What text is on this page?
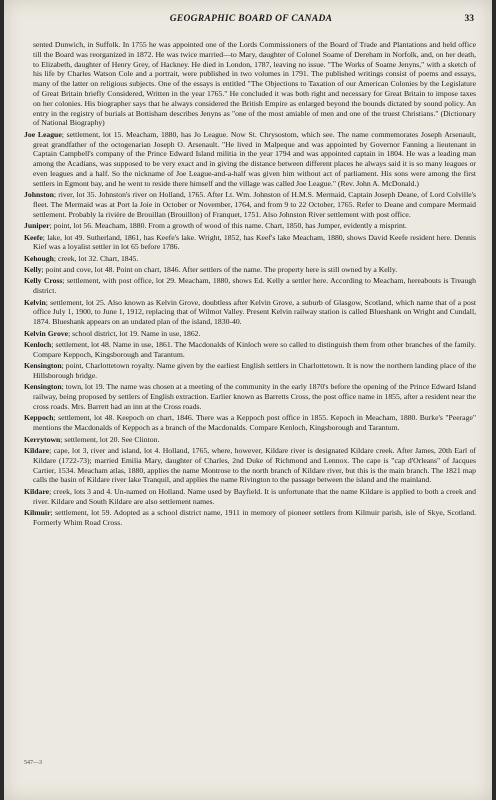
GEOGRAPHIC BOARD OF CANADA	33

sented Dunwich, in Suffolk. In 1755 he was appointed one of the Lords Commissioners of the Board of Trade and Plantations and held office till the Board was reorganized in 1872. He was twice married—to Mary, daughter of Colonel Soame of Dereham in Norfolk, and, on her death, to Elizabeth, daughter of Henry Grey, of Hackney. He died in London, 1787, leaving no issue. "The Works of Soame Jenyns," with a sketch of his life by Charles Watson Cole and a portrait, were published in two volumes in 1791. The published writings consist of poems and essays, many of the latter on religious subjects. One of the essays is entitled "The Objections to Taxation of our American Colonies by the Legislature of Great Britain briefly Considered, Written in the year 1765." He concluded it was both right and necessary for Great Britain to impose taxes on her colonies. His biographer says that he always considered the British Empire as enlarged beyond the bounds dictated by sound policy. An entry in the registry of burials at Bottisham describes Jenyns as "one of the most amiable of men and one of the truest Christians." (Dictionary of National Biography)

Joe League; settlement, lot 15. Meacham, 1880, has Jo League. Now St. Chrysostom, which see. The name commemorates Joseph Arsenault, great grandfather of the octogenarian Joseph O. Arsenault. "He lived in Malpeque and was appointed by Governor Fanning a lieutenant in Captain Campbell's company of the Prince Edward Island militia in the year 1794 and was appointed captain in 1804. He was a leading man among the Acadians, was supposed to be very exact and in giving the distance between different places he always said it is so many leagues or even leagues and a half. So the nickname of Joe League-and-a-half was given him without act of parliament. His sons were among the first settlers in Egmont bay, and he went to reside there himself and the village was called Joe League." (Rev. John A. McDonald.)

Johnston; river, lot 35. Johnston's river on Holland, 1765. After Lt. Wm. Johnston of H.M.S. Mermaid, Captain Joseph Deane, of Lord Colville's fleet. The Mermaid was at Port la Joie in October or November, 1764, and from 9 to 22 October, 1765. Refer to Deane and compare Mermaid settlement. Probably la rivière de Brouillan (Brouillon) of Franquet, 1751. Also Johnston River settlement with post office.

Juniper; point, lot 56. Meacham, 1880. From a growth of wood of this name. Chart, 1850, has Jumper, evidently a misprint.

Keefe; lake, lot 49. Sutherland, 1861, has Keefe's lake. Wright, 1852, has Keef's lake Meacham, 1880, shows David Keefe resident here. Dennis Kief was a loyalist settler in lot 65 before 1786.

Kehough; creek, lot 32. Chart, 1845.

Kelly; point and cove, lot 48. Point on chart, 1846. After settlers of the name. The property here is still owned by a Kelly.

Kelly Cross; settlement, with post office, lot 29. Meacham, 1880, shows Ed. Kelly a settler here. According to Meacham, hereabouts is Treaugh district.

Kelvin; settlement, lot 25. Also known as Kelvin Grove, doubtless after Kelvin Grove, a suburb of Glasgow, Scotland, which name that of a post office July 1, 1900, to June 1, 1912, replacing that of Wilmot Valley. Present Kelvin railway station is called Blueshank on Wright and Cundall, 1874. Blueshank appears on an undated plan of the island, 1830-40.

Kelvin Grove; school district, lot 19. Name in use, 1862.

Kenloch; settlement, lot 48. Name in use, 1861. The Macdonalds of Kinloch were so called to distinguish them from other branches of the family. Compare Keppoch, Kingsborough and Tarantum.

Kensington; point, Charlottetown royalty. Name given by the earliest English settlers in Charlottetown. It is now the northern landing place of the Hillsborough bridge.

Kensington; town, lot 19. The name was chosen at a meeting of the community in the early 1870's before the opening of the Prince Edward Island railway, being proposed by settlers of English extraction. Earlier known as Barretts Cross, the post office name in 1855, after a resident near the cross roads. Mrs. Barrett had an inn at the Cross roads.

Keppoch; settlement, lot 48. Keepoch on chart, 1846. There was a Keppoch post office in 1855. Kepoch in Meacham, 1880. Burke's "Peerage" mentions the Macdonalds of Keppoch as a branch of the Macdonalds. Compare Kenloch, Kingsborough and Tarantum.

Kerrytown; settlement, lot 20. See Clinton.

Kildare; cape, lot 3, river and island, lot 4. Holland, 1765, where, however, Kildare river is designated Kildare creek. After James, 20th Earl of Kildare (1722-73); married Emilia Mary, daughter of Charles, 2nd Duke of Richmond and Lennox. The cape is "cap d'Orleans" of Jacques Cartier, 1534. Meacham atlas, 1880, applies the name Montrose to the north branch of Kildare river, but this is the main branch. The 1821 map calls the basin of Kildare river lake Tranquil, and applies the name Rivington to the passage between the island and the mainland.

Kildare; creek, lots 3 and 4. Un-named on Holland. Name used by Bayfield. It is unfortunate that the name Kildare is applied to both a creek and river. Kildare and South Kildare are also settlement names.

Kilmuir; settlement, lot 59. Adopted as a school district name, 1911 in memory of pioneer settlers from Kilmuir parish, isle of Skye, Scotland. Formerly Whim Road Cross.

547—3
